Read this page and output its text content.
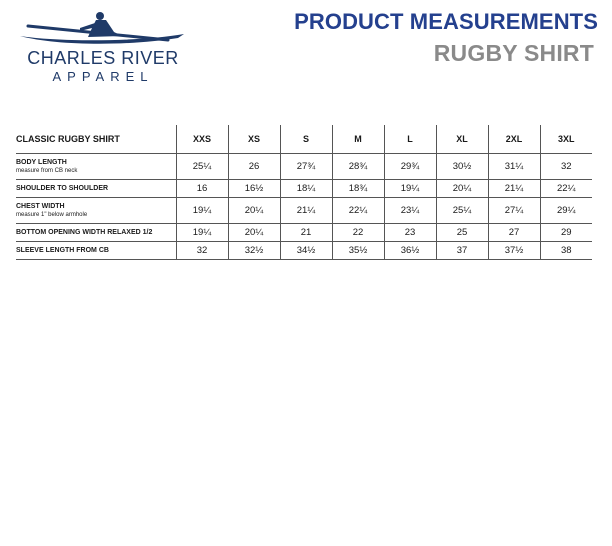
CHARLES RIVER
APPAREL
PRODUCT MEASUREMENTS
RUGBY SHIRT
CLASSIC RUGBY SHIRT	XXS	XS	S	M	L	XL	2XL	3XL
BODY LENGTH
measure from CB neck	25¼	26	27¾	28¾	29¾	30½	31¼	32
SHOULDER TO SHOULDER	16	16½	18¼	18¾	19¼	20¼	21¼	22¼
CHEST WIDTH
measure 1" below armhole	19¼	20¼	21¼	22¼	23¼	25¼	27¼	29¼
BOTTOM OPENING WIDTH RELAXED 1/2	19¼	20¼	21	22	23	25	27	29
SLEEVE LENGTH FROM CB	32	32½	34½	35½	36½	37	37½	38
